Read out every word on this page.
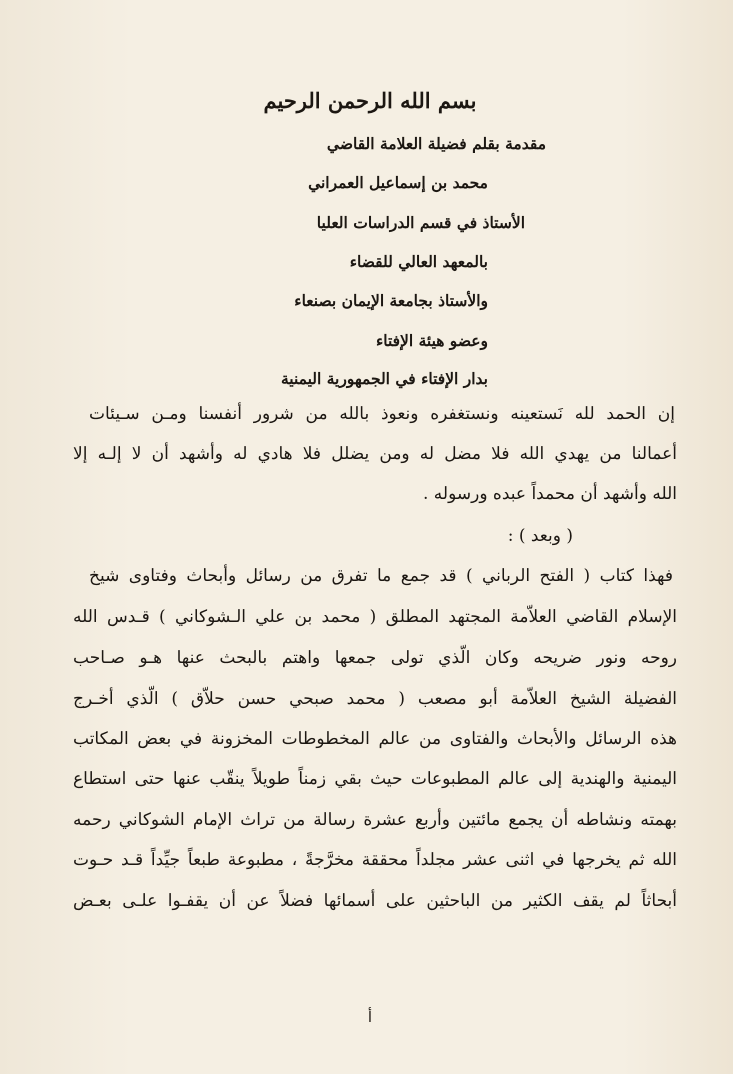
بسم الله الرحمن الرحيم
مقدمة بقلم فضيلة العلامة القاضي
محمد بن إسماعيل العمراني
الأستاذ في قسم الدراسات العليا
بالمعهد العالي للقضاء
والأستاذ بجامعة الإيمان بصنعاء
وعضو هيئة الإفتاء
بدار الإفتاء في الجمهورية اليمنية
إن الحمد لله نَستعينه ونستغفره ونعوذ بالله من شرور أنفسنا ومـن سـيئات
أعمالنا من يهدي الله فلا مضل له ومن يضلل فلا هادي له وأشهد أن لا إلـه إلا
الله وأشهد أن محمداً عبده ورسوله .
( وبعد ) :
فهذا كتاب ( الفتح الرباني ) قد جمع ما تفرق من رسائل وأبحاث وفتاوى شيخ
الإسلام القاضي العلاّمة المجتهد المطلق ( محمد بن علي الـشوكاني ) قـدس الله
روحه ونور ضريحه وكان الّذي تولى جمعها واهتم بالبحث عنها هـو صـاحب
الفضيلة الشيخ العلاّمة أبو مصعب ( محمد صبحي حسن حلاّق ) الّذي أخـرج
هذه الرسائل والأبحاث والفتاوى من عالم المخطوطات المخزونة في بعض المكاتب
اليمنية والهندية إلى عالم المطبوعات حيث بقي زمناً طويلاً ينقّب عنها حتى استطاع
بهمته ونشاطه أن يجمع مائتين وأربع عشرة رسالة من تراث الإمام الشوكاني رحمه
الله ثم يخرجها في اثنى عشر مجلداً محققة مخرَّجةً ، مطبوعة طبعاً جيِّداً قـد حـوت
أبحاثاً لم يقف الكثير من الباحثين على أسمائها فضلاً عن أن يقفـوا علـى بعـض
أ
